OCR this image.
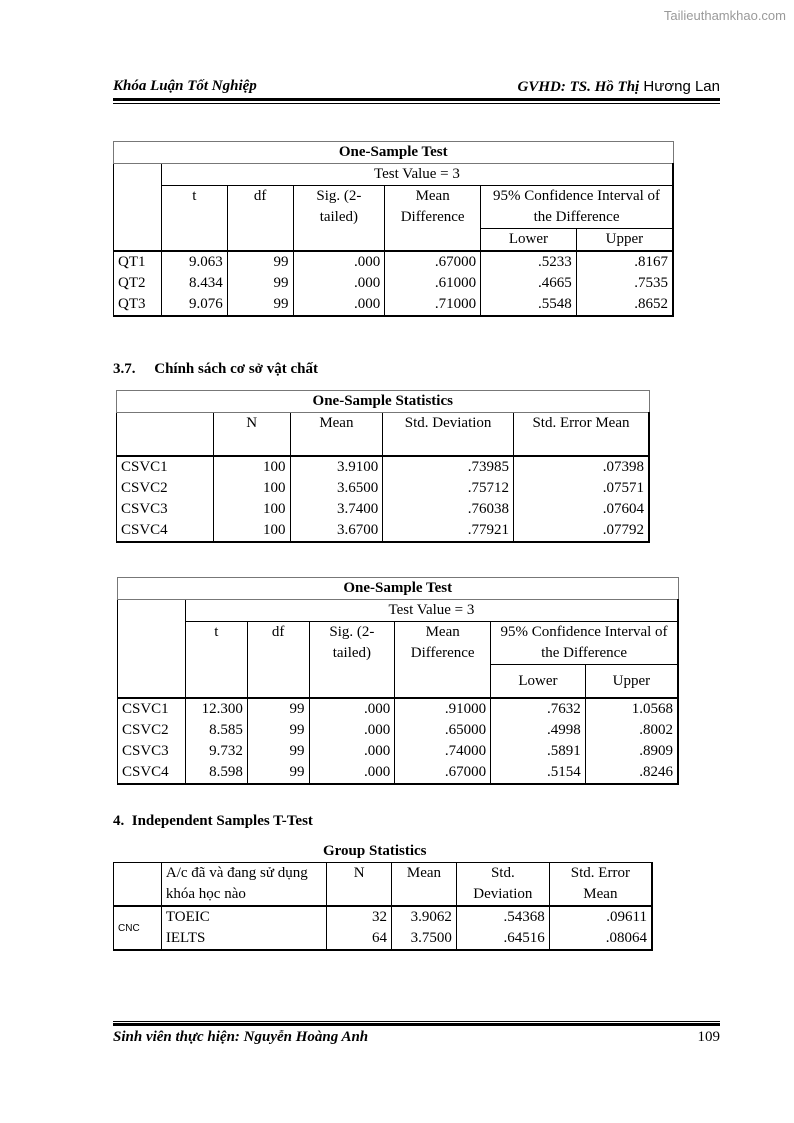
Tailieuthamkhao.com
Khóa Luận Tốt Nghiệp	GVHD: TS. Hồ Thị Hương Lan
One-Sample Test						
	Test Value = 3					
	t	df	Sig. (2-tailed)	Mean Difference	95% Confidence Interval of the Difference	
					Lower	Upper
QT1	9.063	99	.000	.67000	.5233	.8167
QT2	8.434	99	.000	.61000	.4665	.7535
QT3	9.076	99	.000	.71000	.5548	.8652
3.7.     Chính sách cơ sở vật chất
One-Sample Statistics				
	N	Mean	Std. Deviation	Std. Error Mean
CSVC1	100	3.9100	.73985	.07398
CSVC2	100	3.6500	.75712	.07571
CSVC3	100	3.7400	.76038	.07604
CSVC4	100	3.6700	.77921	.07792
One-Sample Test						
	Test Value = 3					
	t	df	Sig. (2-tailed)	Mean Difference	95% Confidence Interval of the Difference	
					Lower	Upper
CSVC1	12.300	99	.000	.91000	.7632	1.0568
CSVC2	8.585	99	.000	.65000	.4998	.8002
CSVC3	9.732	99	.000	.74000	.5891	.8909
CSVC4	8.598	99	.000	.67000	.5154	.8246
4.  Independent Samples T-Test
Group Statistics
	A/c đã và đang sử dụng khóa học nào	N	Mean	Std. Deviation	Std. Error Mean
CNC	TOEIC	32	3.9062	.54368	.09611
	IELTS	64	3.7500	.64516	.08064
Sinh viên thực hiện: Nguyễn Hoàng Anh	109
